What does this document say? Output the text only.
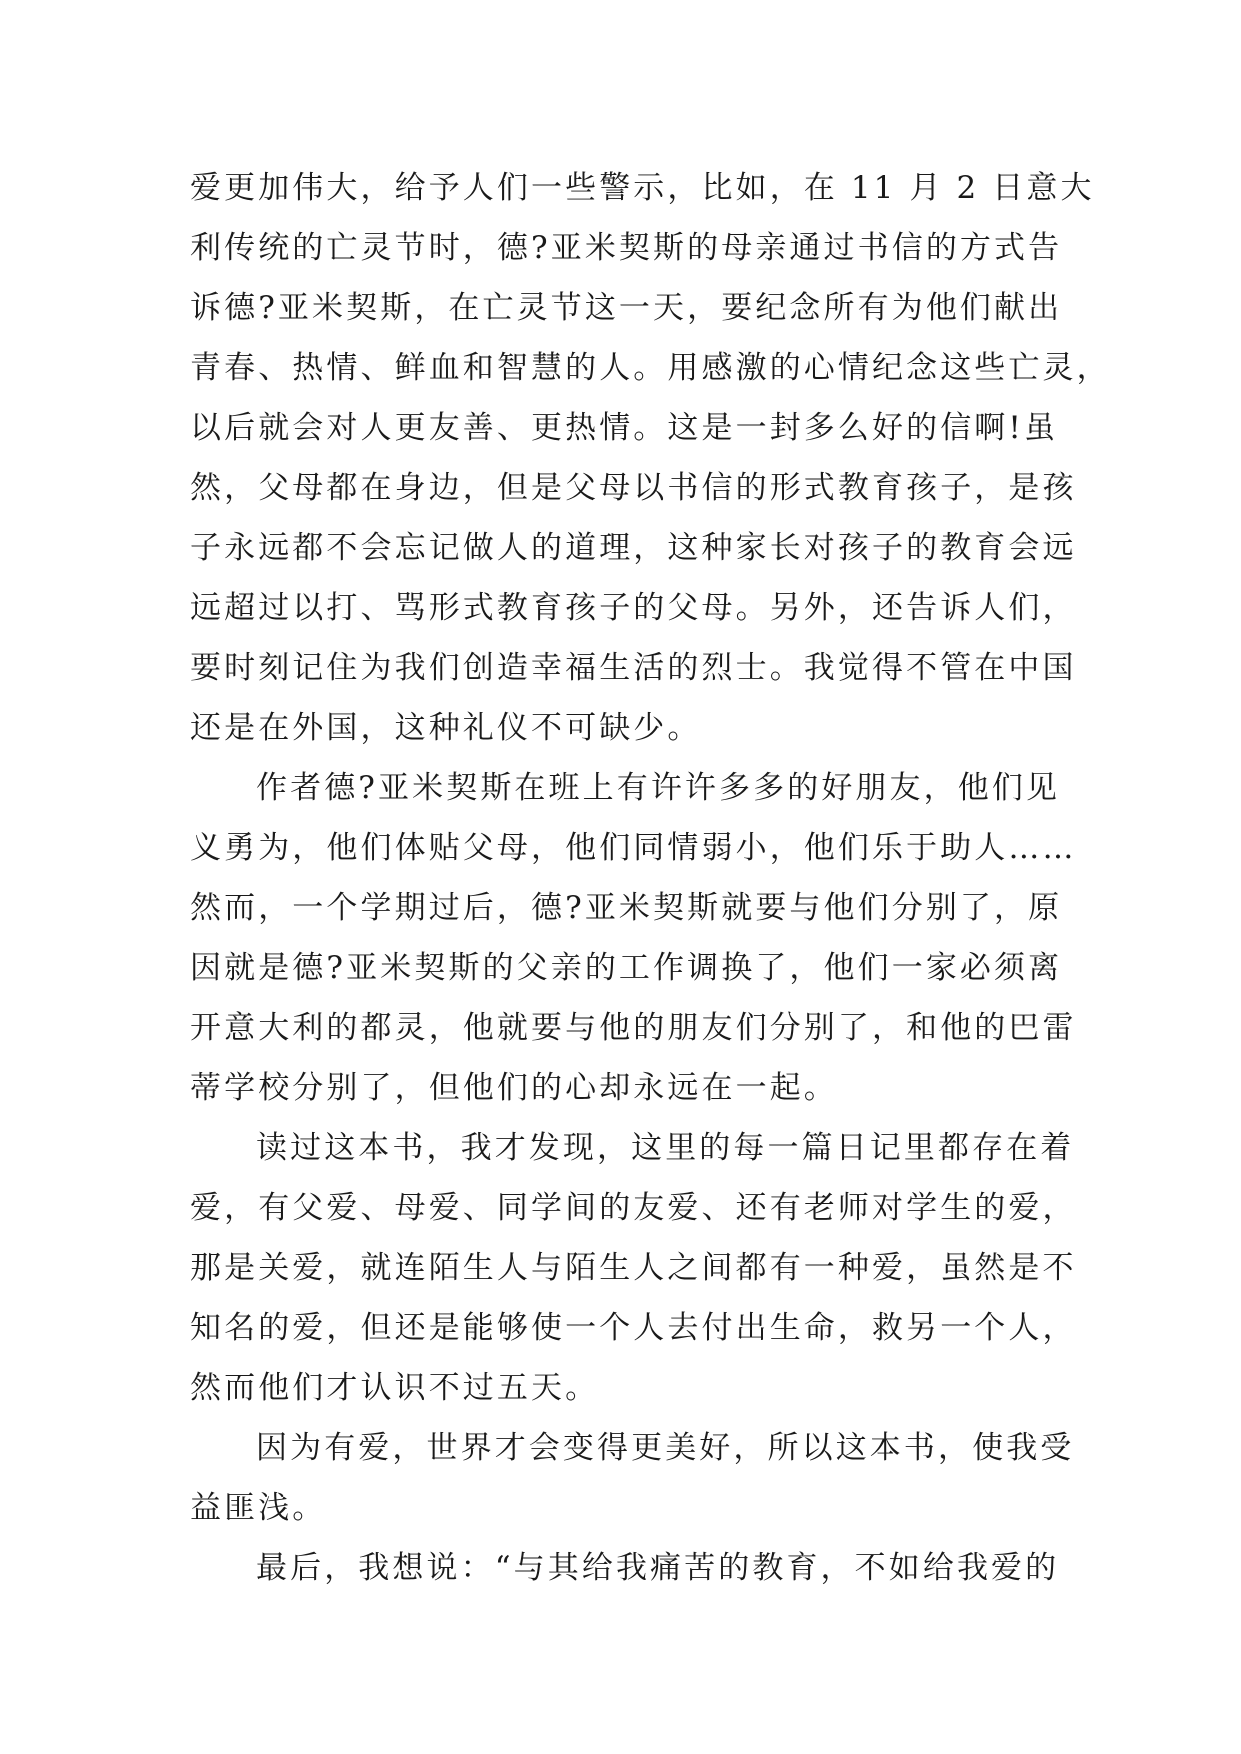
爱更加伟大，给予人们一些警示，比如，在 11 月 2 日意大
利传统的亡灵节时，德?亚米契斯的母亲通过书信的方式告
诉德?亚米契斯，在亡灵节这一天，要纪念所有为他们献出
青春、热情、鲜血和智慧的人。用感激的心情纪念这些亡灵，
以后就会对人更友善、更热情。这是一封多么好的信啊!虽
然，父母都在身边，但是父母以书信的形式教育孩子，是孩
子永远都不会忘记做人的道理，这种家长对孩子的教育会远
远超过以打、骂形式教育孩子的父母。另外，还告诉人们，
要时刻记住为我们创造幸福生活的烈士。我觉得不管在中国
还是在外国，这种礼仪不可缺少。
作者德?亚米契斯在班上有许许多多的好朋友，他们见
义勇为，他们体贴父母，他们同情弱小，他们乐于助人……
然而，一个学期过后，德?亚米契斯就要与他们分别了，原
因就是德?亚米契斯的父亲的工作调换了，他们一家必须离
开意大利的都灵，他就要与他的朋友们分别了，和他的巴雷
蒂学校分别了，但他们的心却永远在一起。
读过这本书，我才发现，这里的每一篇日记里都存在着
爱，有父爱、母爱、同学间的友爱、还有老师对学生的爱，
那是关爱，就连陌生人与陌生人之间都有一种爱，虽然是不
知名的爱，但还是能够使一个人去付出生命，救另一个人，
然而他们才认识不过五天。
因为有爱，世界才会变得更美好，所以这本书，使我受
益匪浅。
最后，我想说：“与其给我痛苦的教育，不如给我爱的
